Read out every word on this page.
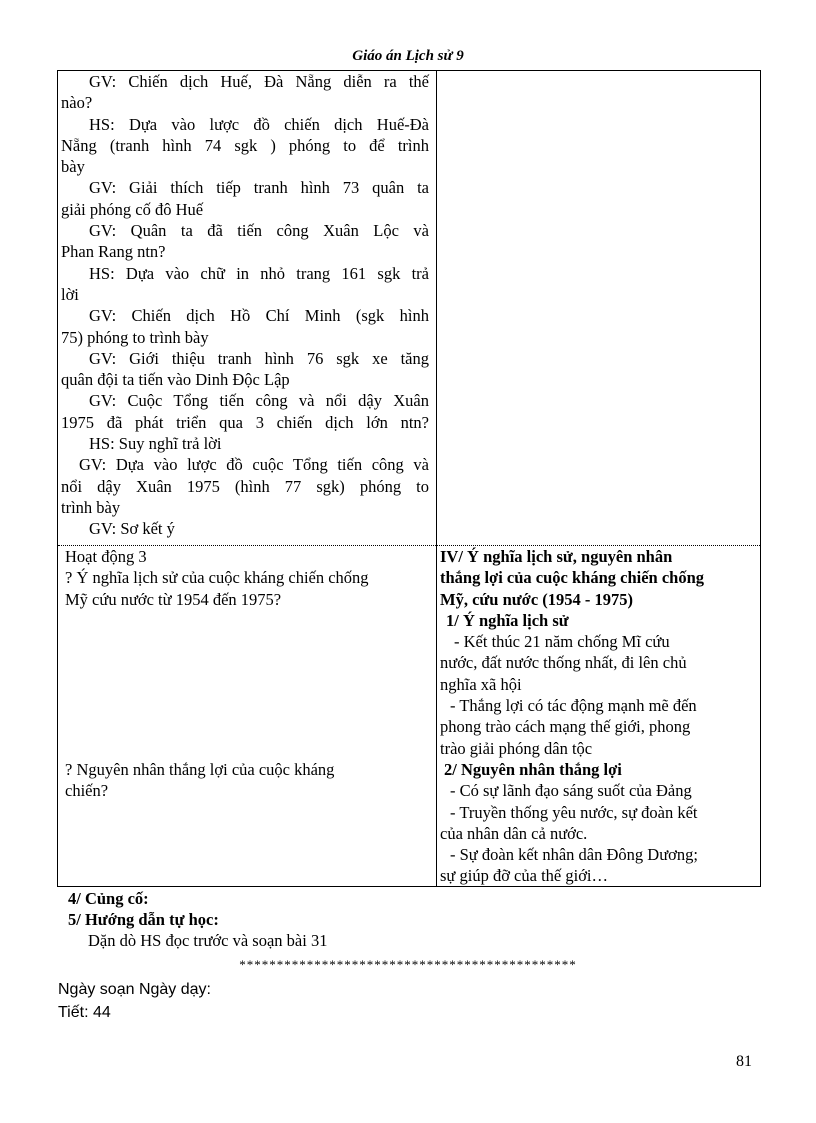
Giáo án Lịch sử 9

GV: Chiến dịch Huế, Đà Nẵng diễn ra thế

nào?

HS: Dựa vào lược đồ chiến dịch Huế-Đà

Nẵng (tranh hình 74 sgk ) phóng to để trình

bày

GV: Giải thích tiếp tranh hình 73 quân ta

giải phóng cố đô Huế

GV: Quân ta đã tiến công Xuân Lộc và

Phan Rang ntn?

HS: Dựa vào chữ in nhỏ trang 161 sgk trả

lời

GV: Chiến dịch Hồ Chí Minh (sgk hình

75) phóng to trình bày

GV: Giới thiệu tranh hình 76 sgk xe tăng

quân đội ta tiến vào Dinh Độc Lập

GV: Cuộc Tổng tiến công và nổi dậy Xuân

1975 đã phát triển qua 3 chiến dịch lớn ntn?

HS: Suy nghĩ trả lời

GV: Dựa vào lược đồ cuộc Tổng tiến công và

nổi dậy Xuân 1975 (hình 77 sgk) phóng to

trình bày

GV: Sơ kết ý

Hoạt động 3

? Ý nghĩa lịch sử của cuộc kháng chiến chống

Mỹ cứu nước từ 1954 đến 1975?

? Nguyên nhân thắng lợi của cuộc kháng

chiến?

IV/ Ý nghĩa lịch sử, nguyên nhân

thắng lợi của cuộc kháng chiến chống

Mỹ, cứu nước (1954 - 1975)

1/ Ý nghĩa lịch sử

- Kết thúc 21 năm chống Mĩ cứu

nước, đất nước thống nhất, đi lên chủ

nghĩa xã hội

- Thắng lợi có tác động mạnh mẽ đến

phong trào cách mạng thế giới, phong

trào giải phóng dân tộc

2/ Nguyên nhân thắng lợi

- Có sự lãnh đạo sáng suốt của Đảng

- Truyền thống yêu nước, sự đoàn kết

của nhân dân cả nước.

- Sự đoàn kết nhân dân Đông Dương;

sự giúp đỡ của thế giới…

4/ Củng cố:

5/ Hướng dẫn tự học:

Dặn dò HS đọc trước và soạn bài 31

*********************************************
Ngày soạn Ngày dạy:
Tiết: 44
81
